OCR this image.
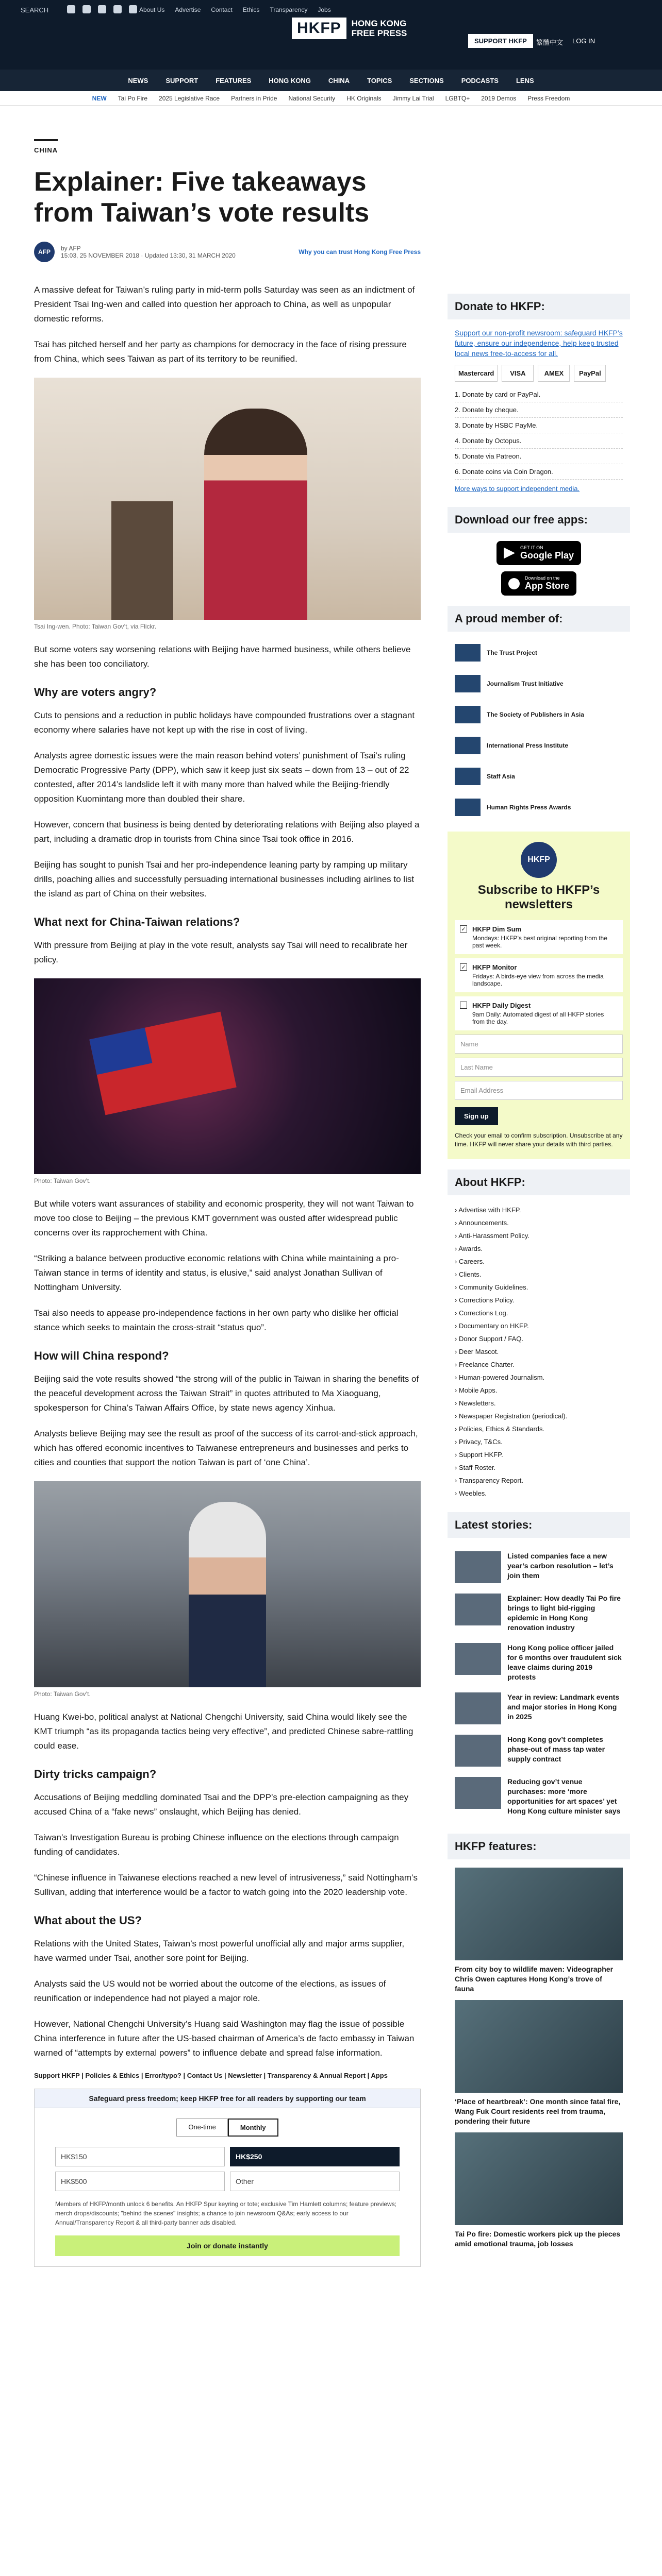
SEARCH	About Us Advertise Contact Ethics Transparency Jobs
HKFP	HONG KONG
FREE PRESS
SUPPORT HKFP	繁體中文 LOG IN
NEWS	SUPPORT	FEATURES	HONG KONG	CHINA	TOPICS	SECTIONS	PODCASTS	LENS
NEW Tai Po Fire 2025 Legislative Race Partners in Pride National Security HK Originals Jimmy Lai Trial LGBTQ+ 2019 Demos Press Freedom
CHINA
Explainer: Five takeaways from Taiwan’s vote results
AFP	by AFP
15:03, 25 NOVEMBER 2018 · Updated 13:30, 31 MARCH 2020	Why you can trust Hong Kong Free Press

A massive defeat for Taiwan’s ruling party in mid-term polls Saturday was seen as an indictment of President Tsai Ing-wen and called into question her approach to China, as well as unpopular domestic reforms.

Tsai has pitched herself and her party as champions for democracy in the face of rising pressure from China, which sees Taiwan as part of its territory to be reunified.

Tsai Ing-wen. Photo: Taiwan Gov’t, via Flickr.

But some voters say worsening relations with Beijing have harmed business, while others believe she has been too conciliatory.

Why are voters angry?

Cuts to pensions and a reduction in public holidays have compounded frustrations over a stagnant economy where salaries have not kept up with the rise in cost of living.

Analysts agree domestic issues were the main reason behind voters’ punishment of Tsai’s ruling Democratic Progressive Party (DPP), which saw it keep just six seats – down from 13 – out of 22 contested, after 2014’s landslide left it with many more than halved while the Beijing-friendly opposition Kuomintang more than doubled their share.

However, concern that business is being dented by deteriorating relations with Beijing also played a part, including a dramatic drop in tourists from China since Tsai took office in 2016.

Beijing has sought to punish Tsai and her pro-independence leaning party by ramping up military drills, poaching allies and successfully persuading international businesses including airlines to list the island as part of China on their websites.

What next for China-Taiwan relations?

With pressure from Beijing at play in the vote result, analysts say Tsai will need to recalibrate her policy.

Photo: Taiwan Gov’t.

But while voters want assurances of stability and economic prosperity, they will not want Taiwan to move too close to Beijing – the previous KMT government was ousted after widespread public concerns over its rapprochement with China.

“Striking a balance between productive economic relations with China while maintaining a pro-Taiwan stance in terms of identity and status, is elusive,” said analyst Jonathan Sullivan of Nottingham University.

Tsai also needs to appease pro-independence factions in her own party who dislike her official stance which seeks to maintain the cross-strait “status quo”.

How will China respond?

Beijing said the vote results showed “the strong will of the public in Taiwan in sharing the benefits of the peaceful development across the Taiwan Strait” in quotes attributed to Ma Xiaoguang, spokesperson for China’s Taiwan Affairs Office, by state news agency Xinhua.

Analysts believe Beijing may see the result as proof of the success of its carrot-and-stick approach, which has offered economic incentives to Taiwanese entrepreneurs and businesses and perks to cities and counties that support the notion Taiwan is part of ‘one China’.

Photo: Taiwan Gov’t.

Huang Kwei-bo, political analyst at National Chengchi University, said China would likely see the KMT triumph “as its propaganda tactics being very effective”, and predicted Chinese sabre-rattling could ease.

Dirty tricks campaign?

Accusations of Beijing meddling dominated Tsai and the DPP’s pre-election campaigning as they accused China of a “fake news” onslaught, which Beijing has denied.

Taiwan’s Investigation Bureau is probing Chinese influence on the elections through campaign funding of candidates.

“Chinese influence in Taiwanese elections reached a new level of intrusiveness,” said Nottingham’s Sullivan, adding that interference would be a factor to watch going into the 2020 leadership vote.

What about the US?

Relations with the United States, Taiwan’s most powerful unofficial ally and major arms supplier, have warmed under Tsai, another sore point for Beijing.

Analysts said the US would not be worried about the outcome of the elections, as issues of reunification or independence had not played a major role.

However, National Chengchi University’s Huang said Washington may flag the issue of possible China interference in future after the US-based chairman of America’s de facto embassy in Taiwan warned of “attempts by external powers” to influence debate and spread false information.

Support HKFP | Policies & Ethics | Error/typo? | Contact Us | Newsletter | Transparency & Annual Report | Apps
Safeguard press freedom; keep HKFP free for all readers by supporting our team
One-time	Monthly
HK$150	HK$250
HK$500	Other
Members of HKFP/month unlock 6 benefits. An HKFP Spur keyring or tote; exclusive Tim Hamlett columns; feature previews; merch drops/discounts; "behind the scenes" insights; a chance to join newsroom Q&As; early access to our Annual/Transparency Report & all third-party banner ads disabled.
Join or donate instantly
Donate to HKFP:
Support our non-profit newsroom: safeguard HKFP’s future, ensure our independence, help keep trusted local news free-to-access for all.
Mastercard	VISA	AMEX	PayPal
1. Donate by card or PayPal.
2. Donate by cheque.
3. Donate by HSBC PayMe.
4. Donate by Octopus.
5. Donate via Patreon.
6. Donate coins via Coin Dragon.
More ways to support independent media.
Download our free apps:
GET IT ON
Google Play
Download on the
App Store
A proud member of:
The Trust Project
Journalism Trust Initiative
The Society of Publishers in Asia
International Press Institute
Staff Asia
Human Rights Press Awards
HKFP
Subscribe to HKFP’s newsletters
✓ HKFP Dim Sum
Mondays: HKFP’s best original reporting from the past week.
✓ HKFP Monitor
Fridays: A birds-eye view from across the media landscape.
HKFP Daily Digest
9am Daily: Automated digest of all HKFP stories from the day.
Name
Last Name
Email Address
Sign up
Check your email to confirm subscription. Unsubscribe at any time. HKFP will never share your details with third parties.
About HKFP:
› Advertise with HKFP.
› Announcements.
› Anti-Harassment Policy.
› Awards.
› Careers.
› Clients.
› Community Guidelines.
› Corrections Policy.
› Corrections Log.
› Documentary on HKFP.
› Donor Support / FAQ.
› Deer Mascot.
› Freelance Charter.
› Human-powered Journalism.
› Mobile Apps.
› Newsletters.
› Newspaper Registration (periodical).
› Policies, Ethics & Standards.
› Privacy, T&Cs.
› Support HKFP.
› Staff Roster.
› Transparency Report.
› Weebles.
Latest stories:
Listed companies face a new year’s carbon resolution – let’s join them
Explainer: How deadly Tai Po fire brings to light bid-rigging epidemic in Hong Kong renovation industry
Hong Kong police officer jailed for 6 months over fraudulent sick leave claims during 2019 protests
Year in review: Landmark events and major stories in Hong Kong in 2025
Hong Kong gov’t completes phase-out of mass tap water supply contract
Reducing gov’t venue purchases: more ‘more opportunities for art spaces’ yet Hong Kong culture minister says
HKFP features:
From city boy to wildlife maven: Videographer Chris Owen captures Hong Kong’s trove of fauna
‘Place of heartbreak’: One month since fatal fire, Wang Fuk Court residents reel from trauma, pondering their future
Tai Po fire: Domestic workers pick up the pieces amid emotional trauma, job losses
